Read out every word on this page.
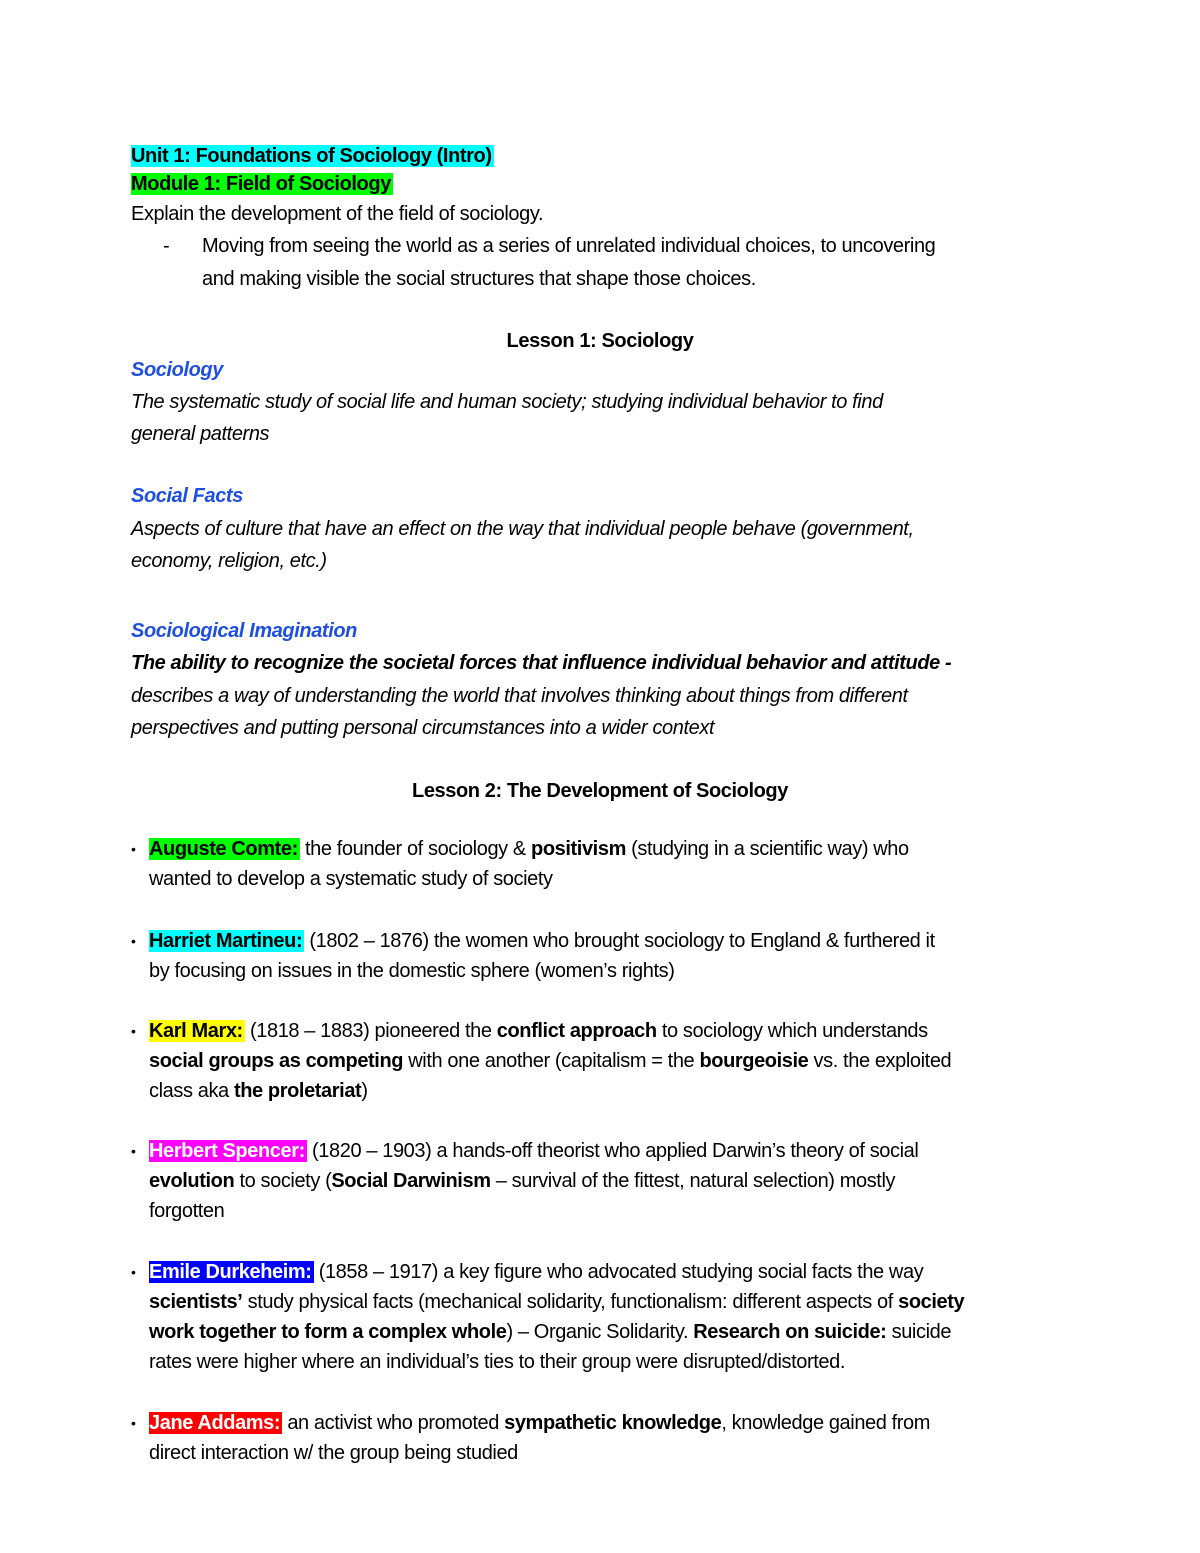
Unit 1: Foundations of Sociology (Intro)
Module 1: Field of Sociology
Explain the development of the field of sociology.
- Moving from seeing the world as a series of unrelated individual choices, to uncovering
and making visible the social structures that shape those choices.
Lesson 1: Sociology
Sociology
The systematic study of social life and human society; studying individual behavior to find
general patterns
Social Facts
Aspects of culture that have an effect on the way that individual people behave (government,
economy, religion, etc.)
Sociological Imagination
The ability to recognize the societal forces that influence individual behavior and attitude -
describes a way of understanding the world that involves thinking about things from different
perspectives and putting personal circumstances into a wider context
Lesson 2: The Development of Sociology
• Auguste Comte: the founder of sociology & positivism (studying in a scientific way) who
wanted to develop a systematic study of society
• Harriet Martineu: (1802 – 1876) the women who brought sociology to England & furthered it
by focusing on issues in the domestic sphere (women’s rights)
• Karl Marx: (1818 – 1883) pioneered the conflict approach to sociology which understands
social groups as competing with one another (capitalism = the bourgeoisie vs. the exploited
class aka the proletariat)
• Herbert Spencer: (1820 – 1903) a hands-off theorist who applied Darwin’s theory of social
evolution to society (Social Darwinism – survival of the fittest, natural selection) mostly
forgotten
• Emile Durkeheim: (1858 – 1917) a key figure who advocated studying social facts the way
scientists’ study physical facts (mechanical solidarity, functionalism: different aspects of society
work together to form a complex whole) – Organic Solidarity. Research on suicide: suicide
rates were higher where an individual’s ties to their group were disrupted/distorted.
• Jane Addams: an activist who promoted sympathetic knowledge, knowledge gained from
direct interaction w/ the group being studied
